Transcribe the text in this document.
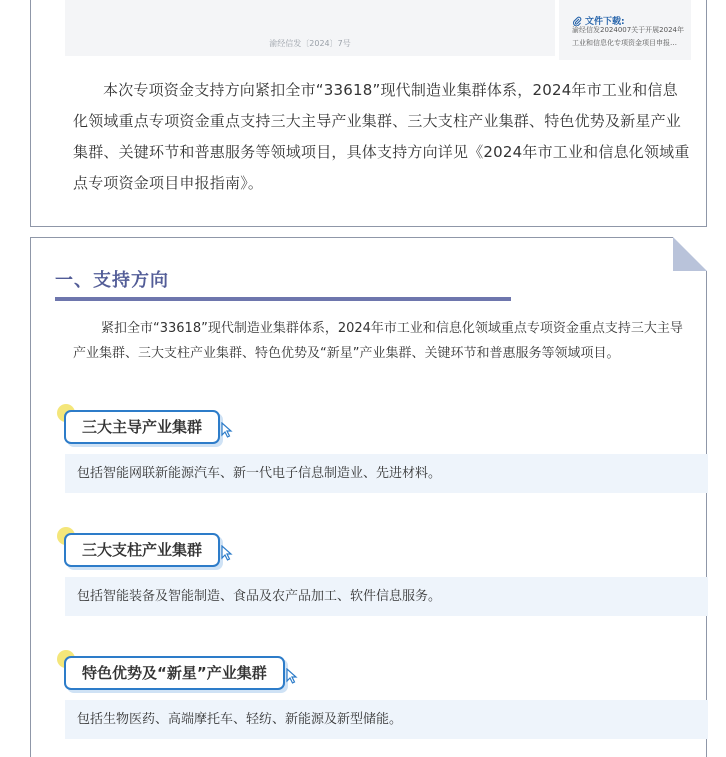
渝经信发〔2024〕7号
文件下载:
渝经信发2024007关于开展2024年
工业和信息化专项资金项目申报…

本次专项资金支持方向紧扣全市“33618”现代制造业集群体系，2024年市工业和信息化领域重点专项资金重点支持三大主导产业集群、三大支柱产业集群、特色优势及新星产业集群、关键环节和普惠服务等领域项目，具体支持方向详见《2024年市工业和信息化领域重点专项资金项目申报指南》。

一、支持方向

紧扣全市“33618”现代制造业集群体系，2024年市工业和信息化领域重点专项资金重点支持三大主导产业集群、三大支柱产业集群、特色优势及“新星”产业集群、关键环节和普惠服务等领域项目。

三大主导产业集群
包括智能网联新能源汽车、新一代电子信息制造业、先进材料。
三大支柱产业集群
包括智能装备及智能制造、食品及农产品加工、软件信息服务。
特色优势及“新星”产业集群
包括生物医药、高端摩托车、轻纺、新能源及新型储能。
